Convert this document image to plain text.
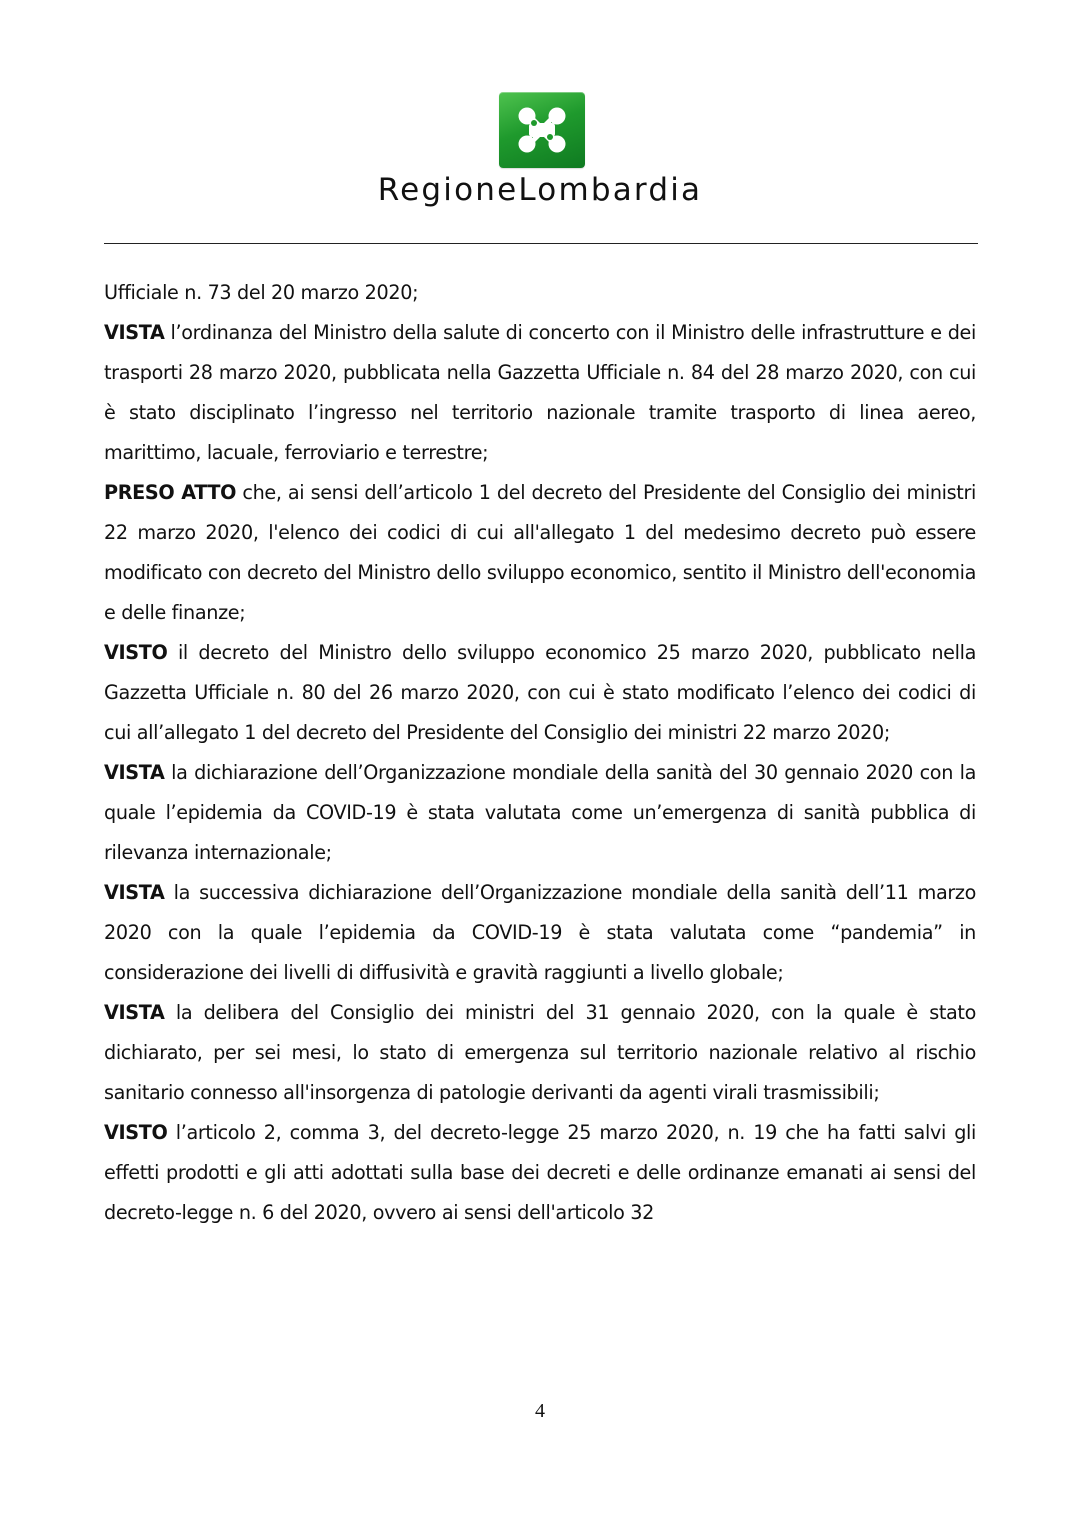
RegioneLombardia

Ufficiale n. 73 del 20 marzo 2020;

VISTA l’ordinanza del Ministro della salute di concerto con il Ministro delle infrastrutture e dei trasporti 28 marzo 2020, pubblicata nella Gazzetta Ufficiale n. 84 del 28 marzo 2020, con cui è stato disciplinato l’ingresso nel territorio nazionale tramite trasporto di linea aereo, marittimo, lacuale, ferroviario e terrestre;

PRESO ATTO che, ai sensi dell’articolo 1 del decreto del Presidente del Consiglio dei ministri 22 marzo 2020, l'elenco dei codici di cui all'allegato 1 del medesimo decreto può essere modificato con decreto del Ministro dello sviluppo economico, sentito il Ministro dell'economia e delle finanze;

VISTO il decreto del Ministro dello sviluppo economico 25 marzo 2020, pubblicato nella Gazzetta Ufficiale n. 80 del 26 marzo 2020, con cui è stato modificato l’elenco dei codici di cui all’allegato 1 del decreto del Presidente del Consiglio dei ministri 22 marzo 2020;

VISTA la dichiarazione dell’Organizzazione mondiale della sanità del 30 gennaio 2020 con la quale l’epidemia da COVID-19 è stata valutata come un’emergenza di sanità pubblica di rilevanza internazionale;

VISTA la successiva dichiarazione dell’Organizzazione mondiale della sanità dell’11 marzo 2020 con la quale l’epidemia da COVID-19 è stata valutata come “pandemia” in considerazione dei livelli di diffusività e gravità raggiunti a livello globale;

VISTA la delibera del Consiglio dei ministri del 31 gennaio 2020, con la quale è stato dichiarato, per sei mesi, lo stato di emergenza sul territorio nazionale relativo al rischio sanitario connesso all'insorgenza di patologie derivanti da agenti virali trasmissibili;

VISTO l’articolo 2, comma 3, del decreto-legge 25 marzo 2020, n. 19 che ha fatti salvi gli effetti prodotti e gli atti adottati sulla base dei decreti e delle ordinanze emanati ai sensi del decreto-legge n. 6 del 2020, ovvero ai sensi dell'articolo 32

4
